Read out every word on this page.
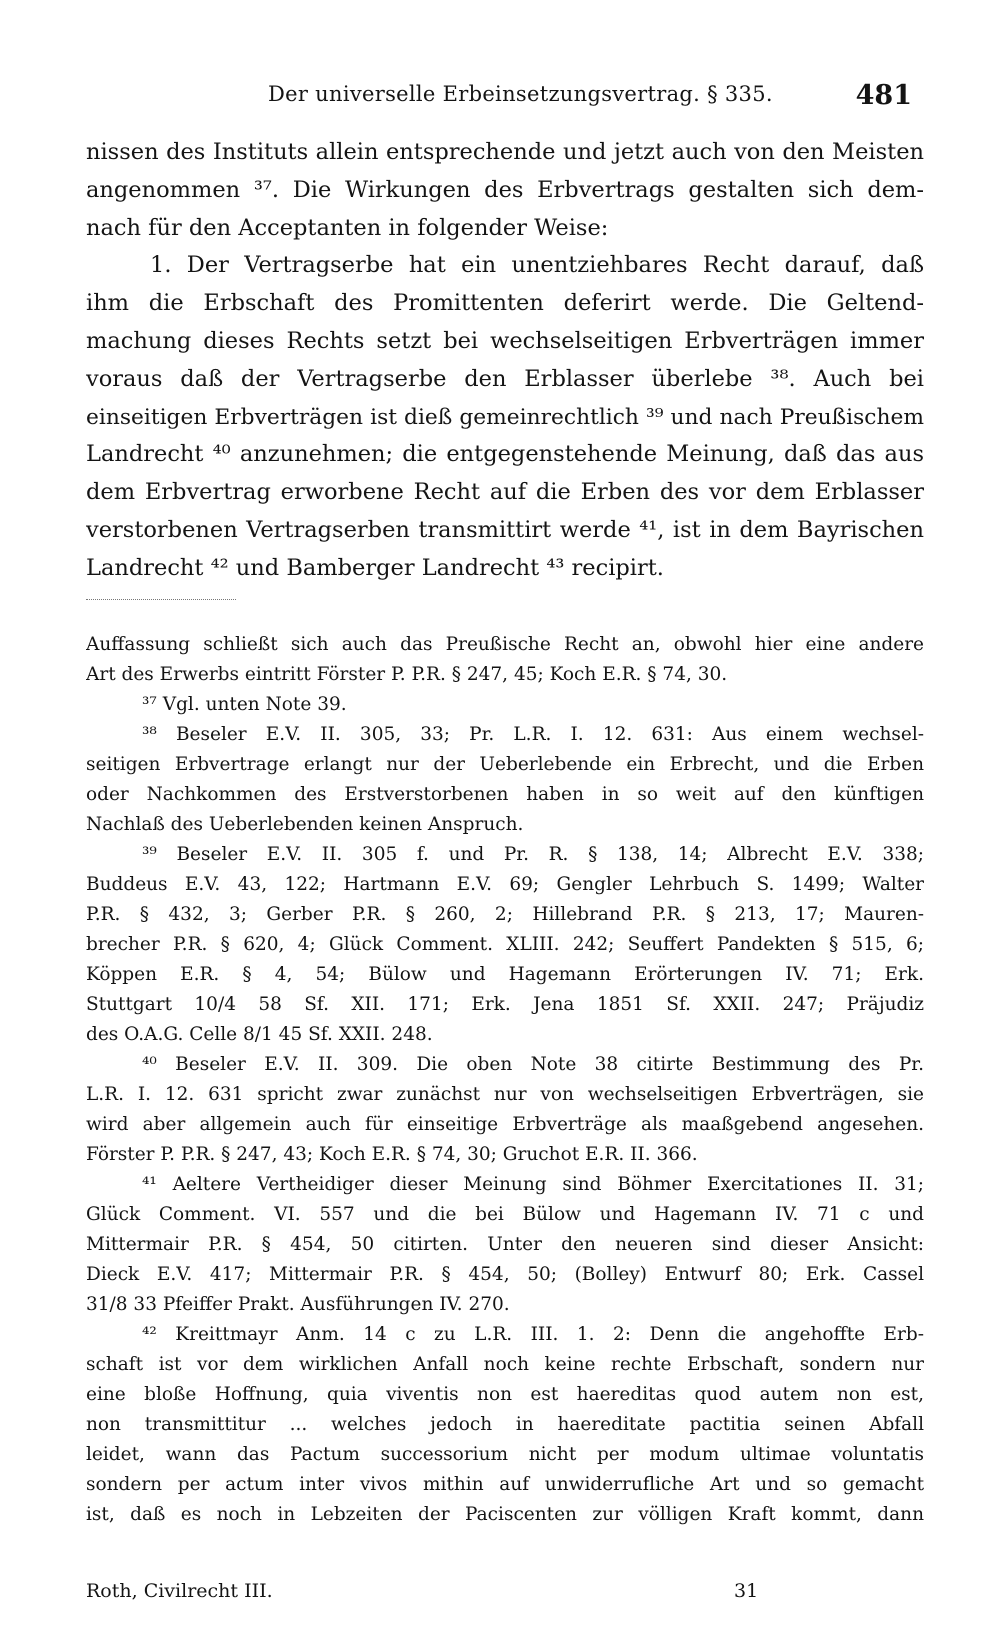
Der universelle Erbeinsetzungsvertrag. § 335.	481
nissen des Instituts allein entsprechende und jetzt auch von den Meisten
angenommen ³⁷. Die Wirkungen des Erbvertrags gestalten sich dem-
nach für den Acceptanten in folgender Weise:
1. Der Vertragserbe hat ein unentziehbares Recht darauf, daß
ihm die Erbschaft des Promittenten deferirt werde. Die Geltend-
machung dieses Rechts setzt bei wechselseitigen Erbverträgen immer
voraus daß der Vertragserbe den Erblasser überlebe ³⁸. Auch bei
einseitigen Erbverträgen ist dieß gemeinrechtlich ³⁹ und nach Preußischem
Landrecht ⁴⁰ anzunehmen; die entgegenstehende Meinung, daß das aus
dem Erbvertrag erworbene Recht auf die Erben des vor dem Erblasser
verstorbenen Vertragserben transmittirt werde ⁴¹, ist in dem Bayrischen
Landrecht ⁴² und Bamberger Landrecht ⁴³ recipirt.
Auffassung schließt sich auch das Preußische Recht an, obwohl hier eine andere
Art des Erwerbs eintritt Förster P. P.R. § 247, 45; Koch E.R. § 74, 30.
³⁷ Vgl. unten Note 39.
³⁸ Beseler E.V. II. 305, 33; Pr. L.R. I. 12. 631: Aus einem wechsel-
seitigen Erbvertrage erlangt nur der Ueberlebende ein Erbrecht, und die Erben
oder Nachkommen des Erstverstorbenen haben in so weit auf den künftigen
Nachlaß des Ueberlebenden keinen Anspruch.
³⁹ Beseler E.V. II. 305 f. und Pr. R. § 138, 14; Albrecht E.V. 338;
Buddeus E.V. 43, 122; Hartmann E.V. 69; Gengler Lehrbuch S. 1499; Walter
P.R. § 432, 3; Gerber P.R. § 260, 2; Hillebrand P.R. § 213, 17; Mauren-
brecher P.R. § 620, 4; Glück Comment. XLIII. 242; Seuffert Pandekten § 515, 6;
Köppen E.R. § 4, 54; Bülow und Hagemann Erörterungen IV. 71; Erk.
Stuttgart 10/4 58 Sf. XII. 171; Erk. Jena 1851 Sf. XXII. 247; Präjudiz
des O.A.G. Celle 8/1 45 Sf. XXII. 248.
⁴⁰ Beseler E.V. II. 309. Die oben Note 38 citirte Bestimmung des Pr.
L.R. I. 12. 631 spricht zwar zunächst nur von wechselseitigen Erbverträgen, sie
wird aber allgemein auch für einseitige Erbverträge als maaßgebend angesehen.
Förster P. P.R. § 247, 43; Koch E.R. § 74, 30; Gruchot E.R. II. 366.
⁴¹ Aeltere Vertheidiger dieser Meinung sind Böhmer Exercitationes II. 31;
Glück Comment. VI. 557 und die bei Bülow und Hagemann IV. 71 c und
Mittermair P.R. § 454, 50 citirten. Unter den neueren sind dieser Ansicht:
Dieck E.V. 417; Mittermair P.R. § 454, 50; (Bolley) Entwurf 80; Erk. Cassel
31/8 33 Pfeiffer Prakt. Ausführungen IV. 270.
⁴² Kreittmayr Anm. 14 c zu L.R. III. 1. 2: Denn die angehoffte Erb-
schaft ist vor dem wirklichen Anfall noch keine rechte Erbschaft, sondern nur
eine bloße Hoffnung, quia viventis non est haereditas quod autem non est,
non transmittitur ... welches jedoch in haereditate pactitia seinen Abfall
leidet, wann das Pactum successorium nicht per modum ultimae voluntatis
sondern per actum inter vivos mithin auf unwiderrufliche Art und so gemacht
ist, daß es noch in Lebzeiten der Paciscenten zur völligen Kraft kommt, dann
Roth, Civilrecht III.	31
